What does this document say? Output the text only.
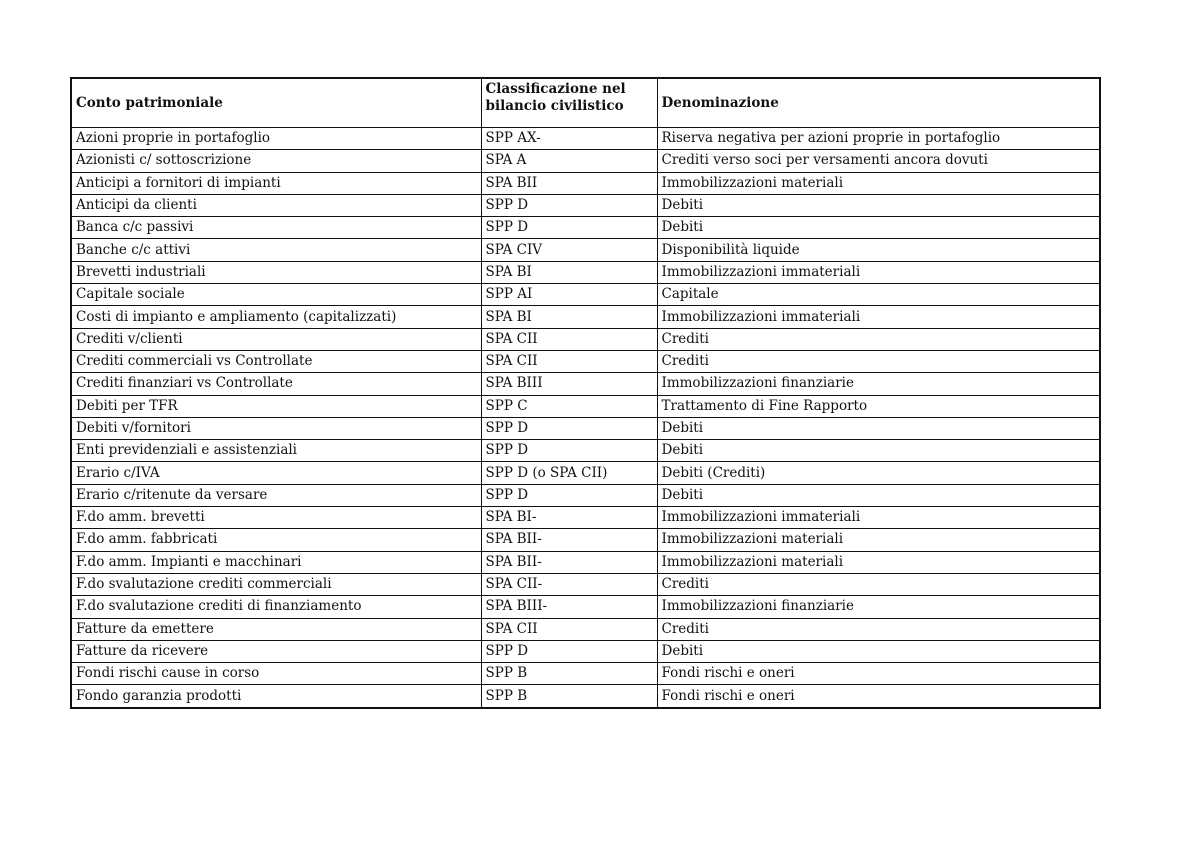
Conto patrimoniale	Classificazione nel bilancio civilistico	Denominazione
Azioni proprie in portafoglio	SPP AX-	Riserva negativa per azioni proprie in portafoglio
Azionisti c/ sottoscrizione	SPA A	Crediti verso soci per versamenti ancora dovuti
Anticipi a fornitori di impianti	SPA BII	Immobilizzazioni materiali
Anticipi da clienti	SPP D	Debiti
Banca c/c passivi	SPP D	Debiti
Banche c/c attivi	SPA CIV	Disponibilità liquide
Brevetti industriali	SPA BI	Immobilizzazioni immateriali
Capitale sociale	SPP AI	Capitale
Costi di impianto e ampliamento (capitalizzati)	SPA BI	Immobilizzazioni immateriali
Crediti v/clienti	SPA CII	Crediti
Crediti commerciali vs Controllate	SPA CII	Crediti
Crediti finanziari vs Controllate	SPA BIII	Immobilizzazioni finanziarie
Debiti per TFR	SPP C	Trattamento di Fine Rapporto
Debiti v/fornitori	SPP D	Debiti
Enti previdenziali e assistenziali	SPP D	Debiti
Erario c/IVA	SPP D (o SPA CII)	Debiti (Crediti)
Erario c/ritenute da versare	SPP D	Debiti
F.do amm. brevetti	SPA BI-	Immobilizzazioni immateriali
F.do amm. fabbricati	SPA BII-	Immobilizzazioni materiali
F.do amm. Impianti e macchinari	SPA BII-	Immobilizzazioni materiali
F.do svalutazione crediti commerciali	SPA CII-	Crediti
F.do svalutazione crediti di finanziamento	SPA BIII-	Immobilizzazioni finanziarie
Fatture da emettere	SPA CII	Crediti
Fatture da ricevere	SPP D	Debiti
Fondi rischi cause in corso	SPP B	Fondi rischi e oneri
Fondo garanzia prodotti	SPP B	Fondi rischi e oneri
